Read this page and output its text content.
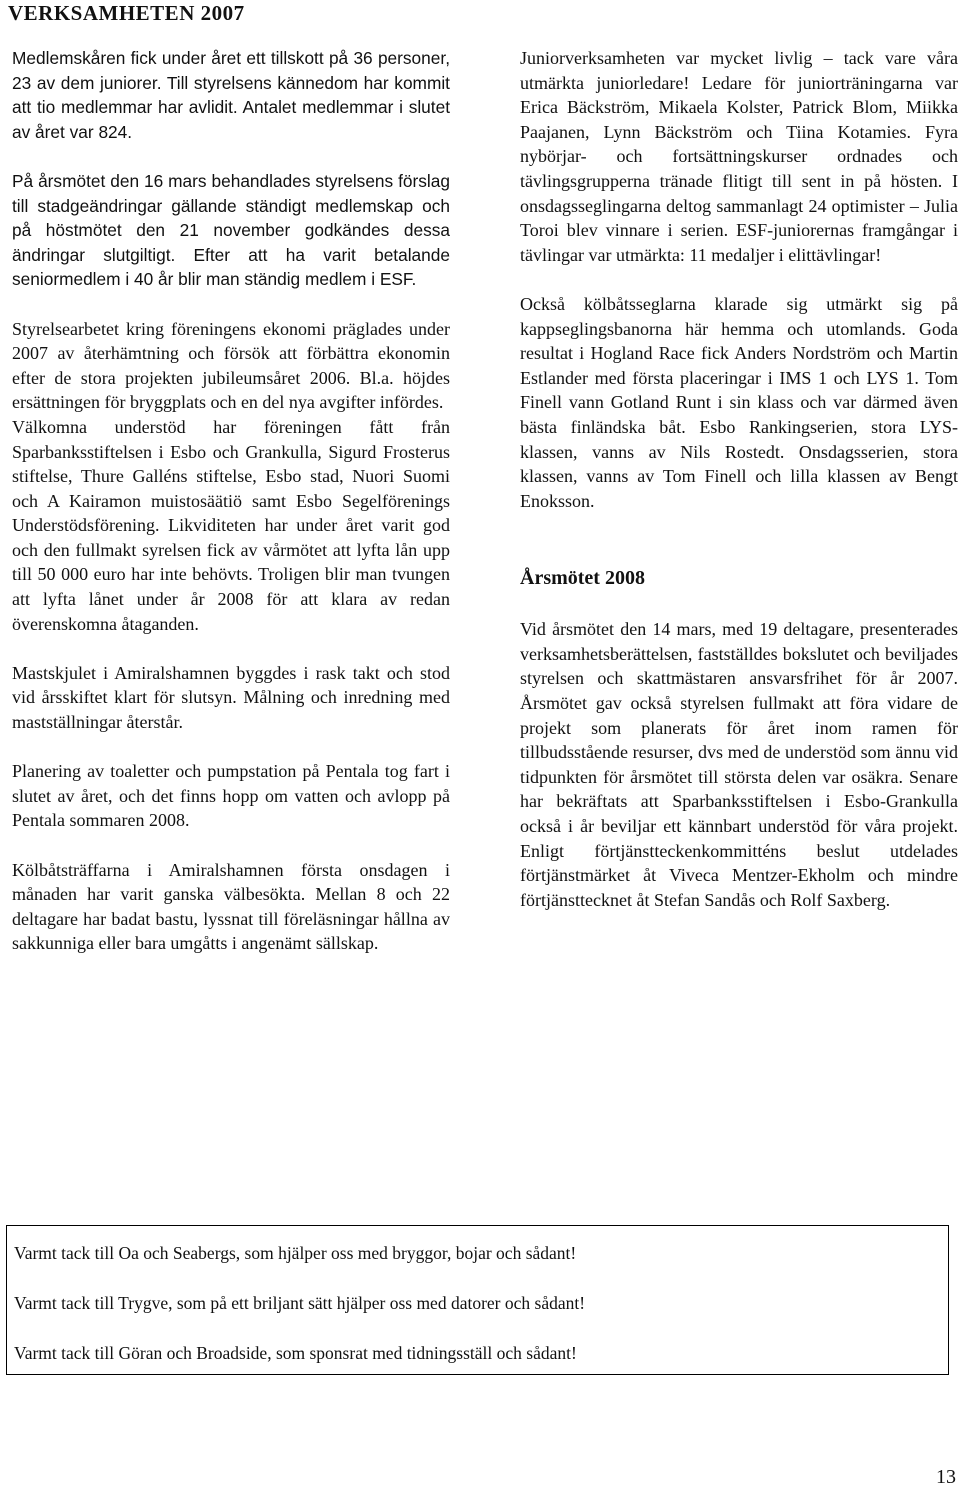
VERKSAMHETEN 2007

Medlemskåren fick under året ett tillskott på 36 personer, 23 av dem juniorer. Till styrelsens kännedom har kommit att tio medlemmar har avlidit. Antalet medlemmar i slutet av året var 824.

På årsmötet den 16 mars behandlades styrelsens förslag till stadgeändringar gällande ständigt medlemskap och på höstmötet den 21 november godkändes dessa ändringar slutgiltigt. Efter att ha varit betalande seniormedlem i 40 år blir man ständig medlem i ESF.

Styrelsearbetet kring föreningens ekonomi präglades under 2007 av återhämtning och försök att förbättra ekonomin efter de stora projekten jubileumsåret 2006. Bl.a. höjdes ersättningen för bryggplats och en del nya avgifter infördes.

Välkomna understöd har föreningen fått från Sparbanksstiftelsen i Esbo och Grankulla, Sigurd Frosterus stiftelse, Thure Galléns stiftelse, Esbo stad, Nuori Suomi och A Kairamon muistosäätiö samt Esbo Segelförenings Understödsförening. Likviditeten har under året varit god och den fullmakt syrelsen fick av vårmötet att lyfta lån upp till 50 000 euro har inte behövts. Troligen blir man tvungen att lyfta lånet under år 2008 för att klara av redan överenskomna åtaganden.

Mastskjulet i Amiralshamnen byggdes i rask takt och stod vid årsskiftet klart för slutsyn. Målning och inredning med mastställningar återstår.

Planering av toaletter och pumpstation på Pentala tog fart i slutet av året, och det finns hopp om vatten och avlopp på Pentala sommaren 2008.

Kölbåtsträffarna i Amiralshamnen första onsdagen i månaden har varit ganska välbesökta. Mellan 8 och 22 deltagare har badat bastu, lyssnat till föreläsningar hållna av sakkunniga eller bara umgåtts i angenämt sällskap.

Juniorverksamheten var mycket livlig – tack vare våra utmärkta juniorledare! Ledare för juniorträningarna var Erica Bäckström, Mikaela Kolster, Patrick Blom, Miikka Paajanen, Lynn Bäckström och Tiina Kotamies. Fyra nybörjar- och fortsättningskurser ordnades och tävlingsgrupperna tränade flitigt till sent in på hösten. I onsdagsseglingarna deltog sammanlagt 24 optimister – Julia Toroi blev vinnare i serien. ESF-juniorernas framgångar i tävlingar var utmärkta: 11 medaljer i elittävlingar!

Också kölbåtsseglarna klarade sig utmärkt sig på kappseglingsbanorna här hemma och utomlands. Goda resultat i Hogland Race fick Anders Nordström och Martin Estlander med första placeringar i IMS 1 och LYS 1. Tom Finell vann Gotland Runt i sin klass och var därmed även bästa finländska båt. Esbo Rankingserien, stora LYS-klassen, vanns av Nils Rostedt. Onsdagsserien, stora klassen, vanns av Tom Finell och lilla klassen av Bengt Enoksson.

Årsmötet 2008

Vid årsmötet den 14 mars, med 19 deltagare, presenterades verksamhetsberättelsen, fastställdes bokslutet och beviljades styrelsen och skattmästaren ansvarsfrihet för år 2007. Årsmötet gav också styrelsen fullmakt att föra vidare de projekt som planerats för året inom ramen för tillbudsstående resurser, dvs med de understöd som ännu vid tidpunkten för årsmötet till största delen var osäkra. Senare har bekräftats att Sparbanksstiftelsen i Esbo-Grankulla också i år beviljar ett kännbart understöd för våra projekt. Enligt förtjänstteckenkommitténs beslut utdelades förtjänstmärket åt Viveca Mentzer-Ekholm och mindre förtjänsttecknet åt Stefan Sandås och Rolf Saxberg.

Varmt tack till Oa och Seabergs, som hjälper oss med bryggor, bojar och sådant!

Varmt tack till Trygve, som på ett briljant sätt hjälper oss med datorer och sådant!

Varmt tack till Göran och Broadside, som sponsrat med tidningsställ och sådant!

13
